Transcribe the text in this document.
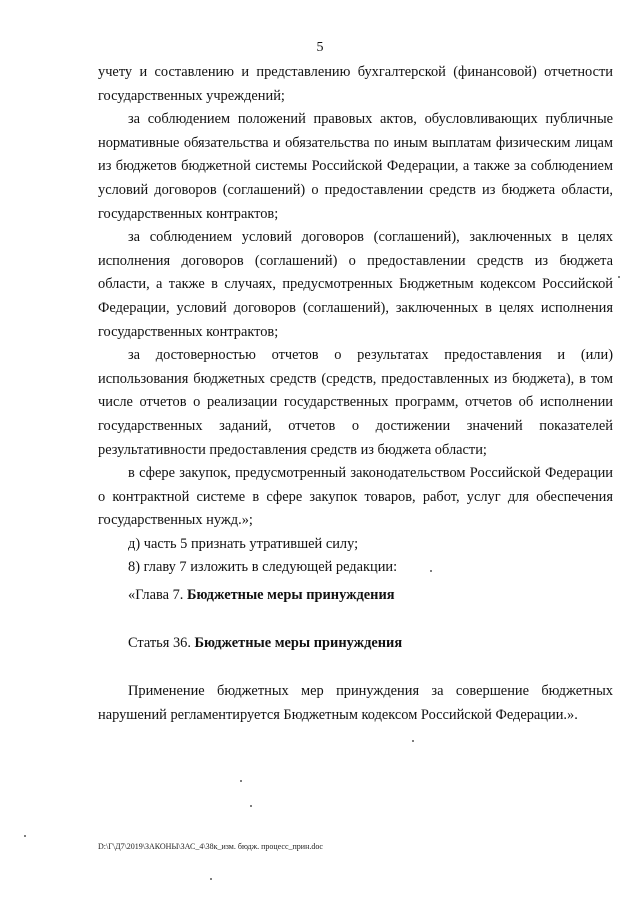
5

учету и составлению и представлению бухгалтерской (финансовой) отчетности государственных учреждений;

за соблюдением положений правовых актов, обусловливающих публичные нормативные обязательства и обязательства по иным выплатам физическим лицам из бюджетов бюджетной системы Российской Федерации, а также за соблюдением условий договоров (соглашений) о предоставлении средств из бюджета области, государственных контрактов;

за соблюдением условий договоров (соглашений), заключенных в целях исполнения договоров (соглашений) о предоставлении средств из бюджета области, а также в случаях, предусмотренных Бюджетным кодексом Российской Федерации, условий договоров (соглашений), заключенных в целях исполнения государственных контрактов;

за достоверностью отчетов о результатах предоставления и (или) использования бюджетных средств (средств, предоставленных из бюджета), в том числе отчетов о реализации государственных программ, отчетов об исполнении государственных заданий, отчетов о достижении значений показателей результативности предоставления средств из бюджета области;

в сфере закупок, предусмотренный законодательством Российской Федерации о контрактной системе в сфере закупок товаров, работ, услуг для обеспечения государственных нужд.»;

д) часть 5 признать утратившей силу;

8) главу 7 изложить в следующей редакции:

«Глава 7. Бюджетные меры принуждения
Статья 36. Бюджетные меры принуждения

Применение бюджетных мер принуждения за совершение бюджетных нарушений регламентируется Бюджетным кодексом Российской Федерации.».

D:\Г\Д7\2019\ЗАКОНЫ\ЗАС_4\38к_изм. бюдж. процесс_прин.doc
